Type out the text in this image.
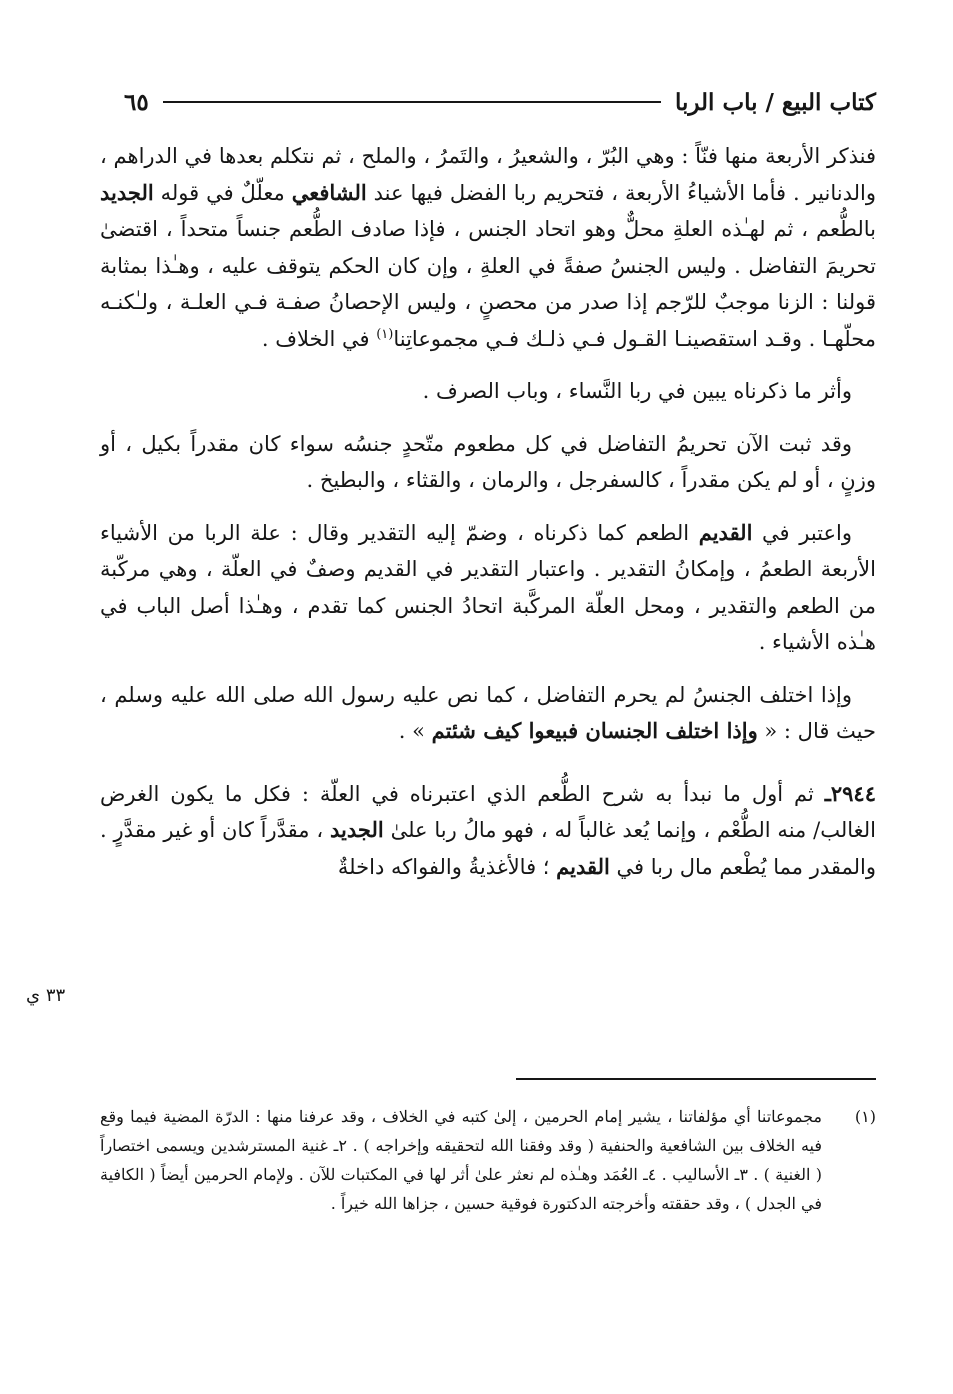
كتاب البيع / باب الربا
٦٥

فنذكر الأربعة منها فنّاً : وهي البُرّ ، والشعيرُ ، والتَمرُ ، والملح ، ثم نتكلم بعدها في الدراهم ، والدنانير . فأما الأشياءُ الأربعة ، فتحريم ربا الفضل فيها عند الشافعي معلّلٌ في قوله الجديد بالطُّعم ، ثم لهـٰذه العلةِ محلٌّ وهو اتحاد الجنس ، فإذا صادف الطُّعم جنساً متحداً ، اقتضىٰ تحريمَ التفاضل . وليس الجنسُ صفةً في العلةِ ، وإن كان الحكم يتوقف عليه ، وهـٰذا بمثابة قولنا : الزنا موجبٌ للرّجم إذا صدر من محصنٍ ، وليس الإحصانُ صفـة فـي العلـة ، ولـٰكنـه محلّهـا . وقـد استقصينـا القـول فـي ذلـك فـي مجموعاتِنا$^{(١)}$ في الخلاف .

وأثر ما ذكرناه يبين في ربا النَّساء ، وباب الصرف .

وقد ثبت الآن تحريمُ التفاضل في كل مطعوم متّحدٍ جنسُه سواء كان مقدراً بكيل ، أو وزنٍ ، أو لم يكن مقدراً ، كالسفرجل ، والرمان ، والقثاء ، والبطيخ .

واعتبر في القديم الطعم كما ذكرناه ، وضمّ إليه التقدير وقال : علة الربا من الأشياء الأربعة الطعمُ ، وإمكانُ التقدير . واعتبار التقدير في القديم وصفٌ في العلّة ، وهي مركّبة من الطعم والتقدير ، ومحل العلّة المركَّبة اتحادُ الجنس كما تقدم ، وهـٰذا أصل الباب في هـٰذه الأشياء .

وإذا اختلف الجنسُ لم يحرم التفاضل ، كما نص عليه رسول الله صلى الله عليه وسلم ، حيث قال : « وإذا اختلف الجنسان فبيعوا كيف شئتم » .

٢٩٤٤ـ ثم أول ما نبدأ به شرح الطُّعم الذي اعتبرناه في العلّة : فكل ما يكون الغرض الغالب/ منه الطُّعْم ، وإنما يُعد غالباً له ، فهو مالُ ربا علىٰ الجديد ، مقدَّراً كان أو غير مقدَّرٍ . والمقدر مما يُطْعم مال ربا في القديم ؛ فالأغذيةُ والفواكه داخلةٌ

٣٣ ي

(١)
مجموعاتنا أي مؤلفاتنا ، يشير إمام الحرمين ، إلىٰ كتبه في الخلاف ، وقد عرفنا منها : الدرّة المضية فيما وقع فيه الخلاف بين الشافعية والحنفية ( وقد وفقنا الله لتحقيقه وإخراجه ) . ٢ـ غنية المسترشدين ويسمى اختصاراً ( الغنية ) . ٣ـ الأساليب . ٤ـ العُمَد وهـٰذه لم نعثر علىٰ أثر لها في المكتبات للآن . ولإمام الحرمين أيضاً ( الكافية في الجدل ) ، وقد حققته وأخرجته الدكتورة فوقية حسين ، جزاها الله خيراً .
